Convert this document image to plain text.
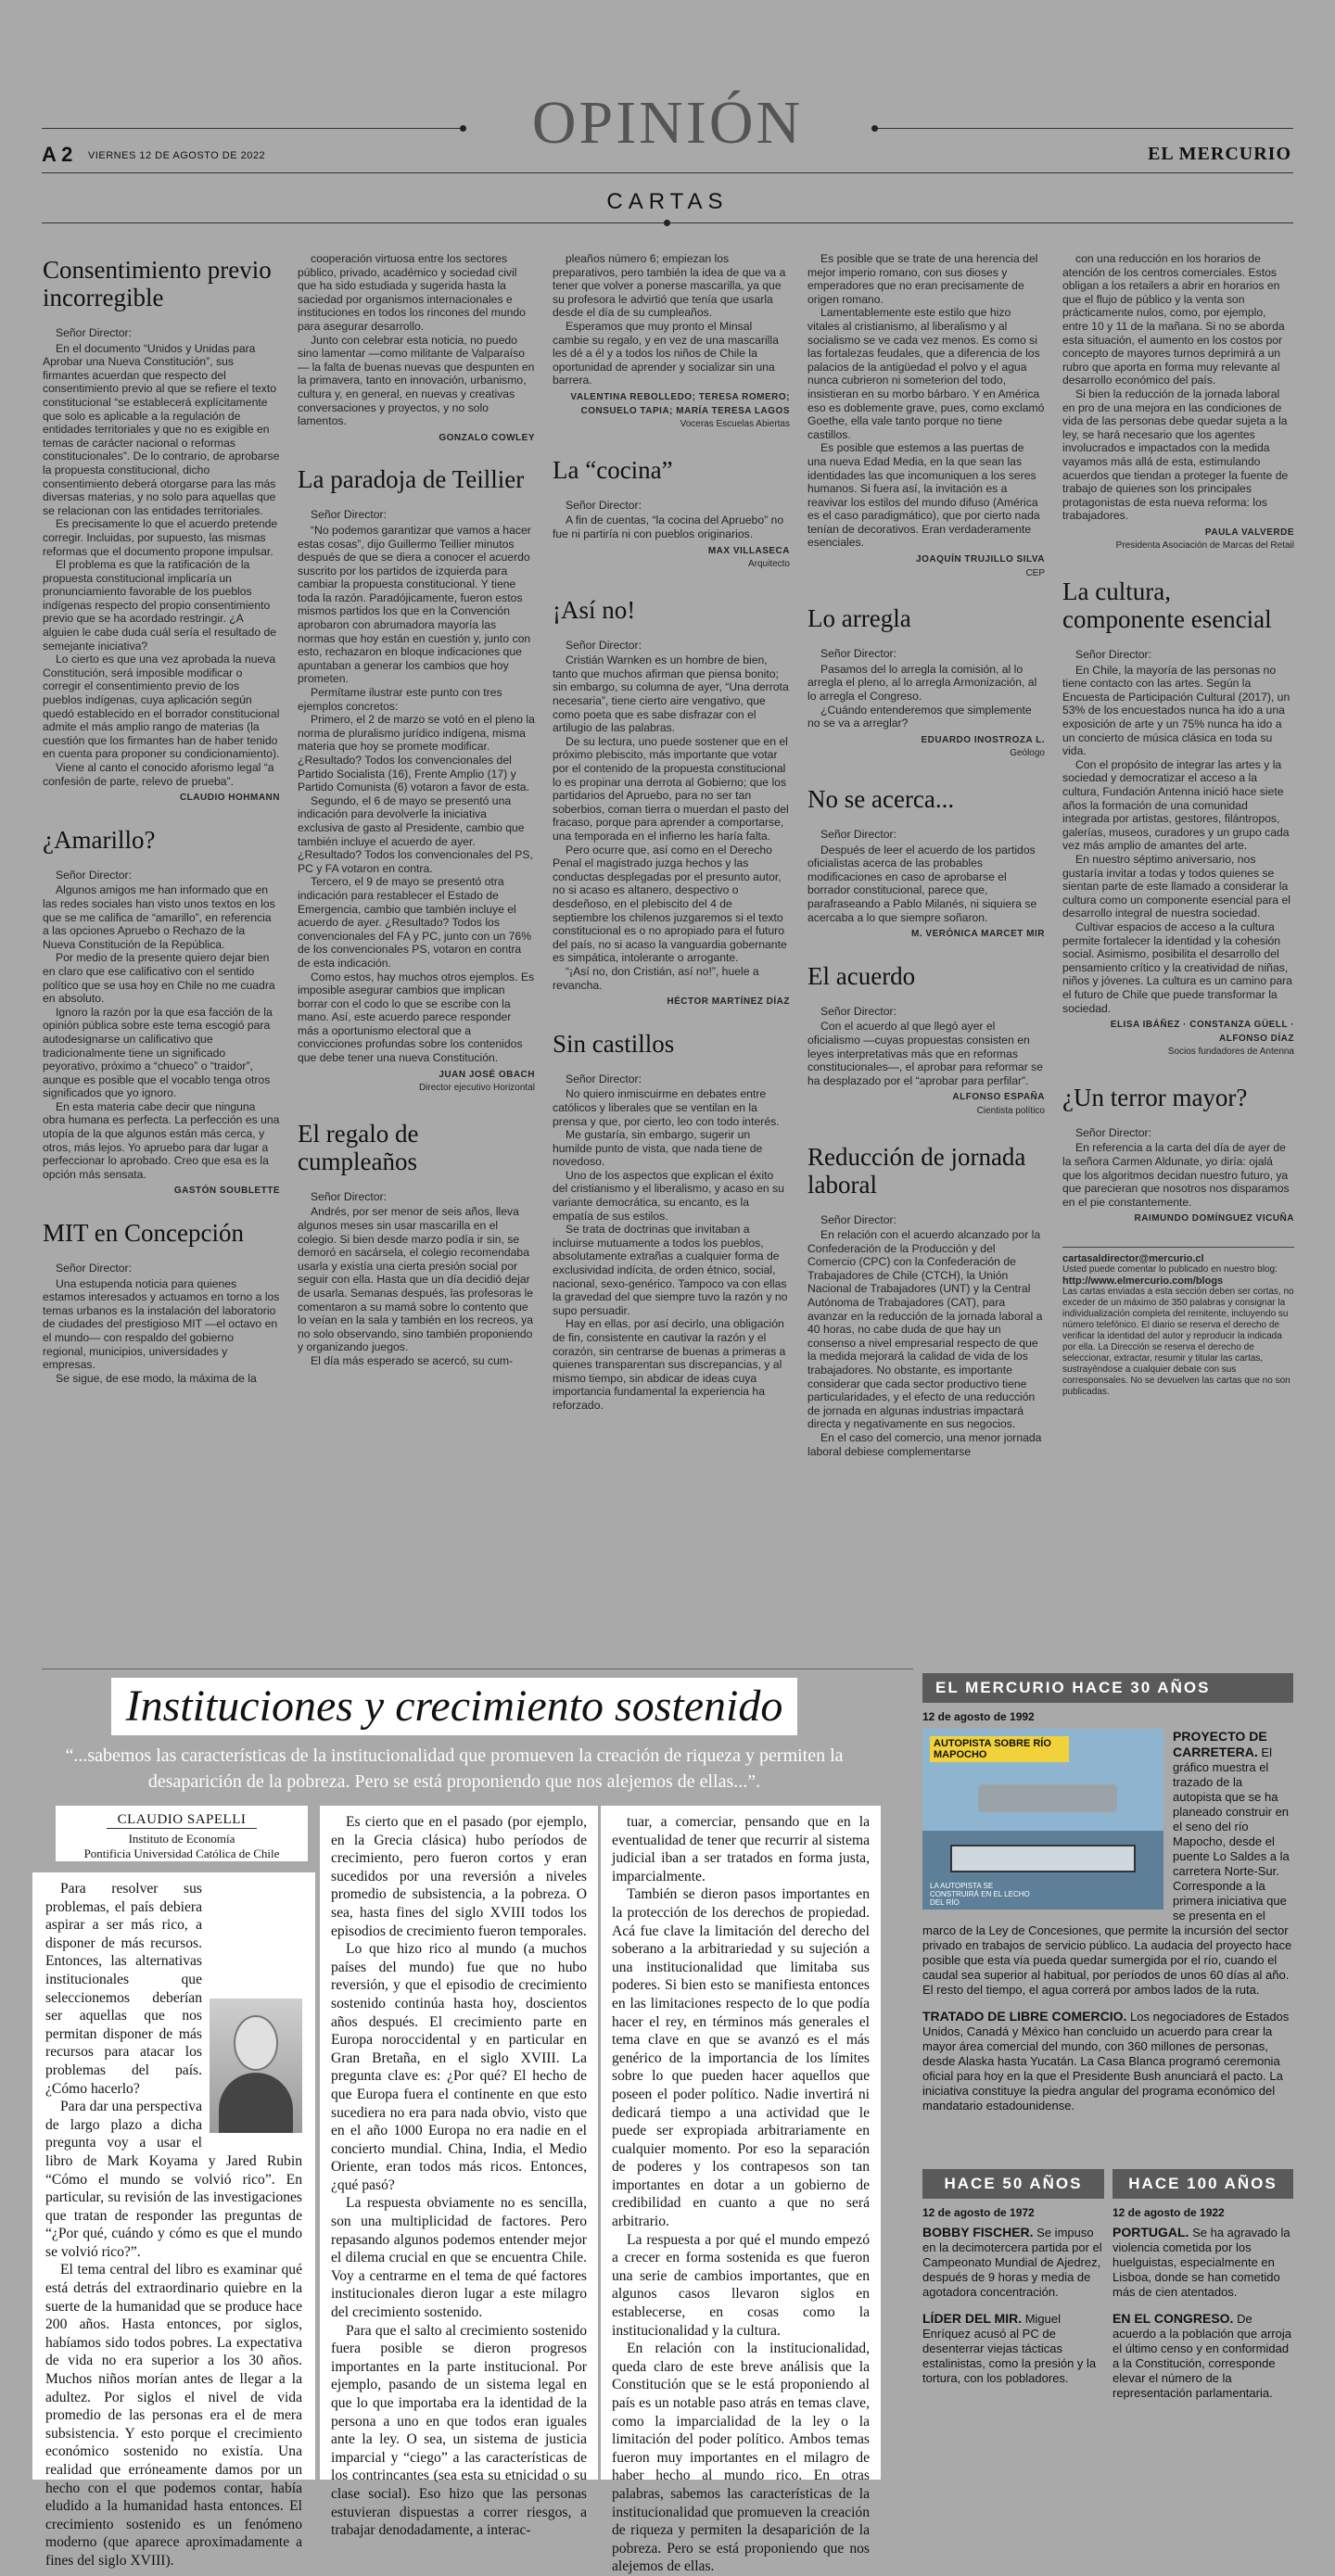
OPINIÓN
A 2 VIERNES 12 DE AGOSTO DE 2022	EL MERCURIO
CARTAS
Consentimiento previo incorregible
Señor Director:
En el documento “Unidos y Unidas para Aprobar una Nueva Constitución”, sus firmantes acuerdan que respecto del consentimiento previo al que se refiere el texto constitucional “se establecerá explícitamente que solo es aplicable a la regulación de entidades territoriales y que no es exigible en temas de carácter nacional o reformas constitucionales”. De lo contrario, de aprobarse la propuesta constitucional, dicho consentimiento deberá otorgarse para las más diversas materias, y no solo para aquellas que se relacionan con las entidades territoriales.
Es precisamente lo que el acuerdo pretende corregir. Incluidas, por supuesto, las mismas reformas que el documento propone impulsar.
El problema es que la ratificación de la propuesta constitucional implicaría un pronunciamiento favorable de los pueblos indígenas respecto del propio consentimiento previo que se ha acordado restringir. ¿A alguien le cabe duda cuál sería el resultado de semejante iniciativa?
Lo cierto es que una vez aprobada la nueva Constitución, será imposible modificar o corregir el consentimiento previo de los pueblos indígenas, cuya aplicación según quedó establecido en el borrador constitucional admite el más amplio rango de materias (la cuestión que los firmantes han de haber tenido en cuenta para proponer su condicionamiento).
Viene al canto el conocido aforismo legal “a confesión de parte, relevo de prueba”.
CLAUDIO HOHMANN
¿Amarillo?
Señor Director:
Algunos amigos me han informado que en las redes sociales han visto unos textos en los que se me califica de “amarillo”, en referencia a las opciones Apruebo o Rechazo de la Nueva Constitución de la República.
Por medio de la presente quiero dejar bien en claro que ese calificativo con el sentido político que se usa hoy en Chile no me cuadra en absoluto.
Ignoro la razón por la que esa facción de la opinión pública sobre este tema escogió para autodesignarse un calificativo que tradicionalmente tiene un significado peyorativo, próximo a “chueco” o “traidor”, aunque es posible que el vocablo tenga otros significados que yo ignoro.
En esta materia cabe decir que ninguna obra humana es perfecta. La perfección es una utopía de la que algunos están más cerca, y otros, más lejos. Yo apruebo para dar lugar a perfeccionar lo aprobado. Creo que esa es la opción más sensata.
GASTÓN SOUBLETTE
MIT en Concepción
Señor Director:
Una estupenda noticia para quienes estamos interesados y actuamos en torno a los temas urbanos es la instalación del laboratorio de ciudades del prestigioso MIT —el octavo en el mundo— con respaldo del gobierno regional, municipios, universidades y empresas.
Se sigue, de ese modo, la máxima de la
cooperación virtuosa entre los sectores público, privado, académico y sociedad civil que ha sido estudiada y sugerida hasta la saciedad por organismos internacionales e instituciones en todos los rincones del mundo para asegurar desarrollo.
Junto con celebrar esta noticia, no puedo sino lamentar —como militante de Valparaíso— la falta de buenas nuevas que despunten en la primavera, tanto en innovación, urbanismo, cultura y, en general, en nuevas y creativas conversaciones y proyectos, y no solo lamentos.
GONZALO COWLEY
La paradoja de Teillier
Señor Director:
“No podemos garantizar que vamos a hacer estas cosas”, dijo Guillermo Teillier minutos después de que se diera a conocer el acuerdo suscrito por los partidos de izquierda para cambiar la propuesta constitucional. Y tiene toda la razón. Paradójicamente, fueron estos mismos partidos los que en la Convención aprobaron con abrumadora mayoría las normas que hoy están en cuestión y, junto con esto, rechazaron en bloque indicaciones que apuntaban a generar los cambios que hoy prometen.
Permítame ilustrar este punto con tres ejemplos concretos:
Primero, el 2 de marzo se votó en el pleno la norma de pluralismo jurídico indígena, misma materia que hoy se promete modificar. ¿Resultado? Todos los convencionales del Partido Socialista (16), Frente Amplio (17) y Partido Comunista (6) votaron a favor de esta.
Segundo, el 6 de mayo se presentó una indicación para devolverle la iniciativa exclusiva de gasto al Presidente, cambio que también incluye el acuerdo de ayer. ¿Resultado? Todos los convencionales del PS, PC y FA votaron en contra.
Tercero, el 9 de mayo se presentó otra indicación para restablecer el Estado de Emergencia, cambio que también incluye el acuerdo de ayer. ¿Resultado? Todos los convencionales del FA y PC, junto con un 76% de los convencionales PS, votaron en contra de esta indicación.
Como estos, hay muchos otros ejemplos. Es imposible asegurar cambios que implican borrar con el codo lo que se escribe con la mano. Así, este acuerdo parece responder más a oportunismo electoral que a convicciones profundas sobre los contenidos que debe tener una nueva Constitución.
JUAN JOSÉ OBACH
Director ejecutivo Horizontal
El regalo de cumpleaños
Señor Director:
Andrés, por ser menor de seis años, lleva algunos meses sin usar mascarilla en el colegio. Si bien desde marzo podía ir sin, se demoró en sacársela, el colegio recomendaba usarla y existía una cierta presión social por seguir con ella. Hasta que un día decidió dejar de usarla. Semanas después, las profesoras le comentaron a su mamá sobre lo contento que lo veían en la sala y también en los recreos, ya no solo observando, sino también proponiendo y organizando juegos.
El día más esperado se acercó, su cum-
pleaños número 6; empiezan los preparativos, pero también la idea de que va a tener que volver a ponerse mascarilla, ya que su profesora le advirtió que tenía que usarla desde el día de su cumpleaños.
Esperamos que muy pronto el Minsal cambie su regalo, y en vez de una mascarilla les dé a él y a todos los niños de Chile la oportunidad de aprender y socializar sin una barrera.
VALENTINA REBOLLEDO; TERESA ROMERO; CONSUELO TAPIA; MARÍA TERESA LAGOS
Voceras Escuelas Abiertas
La “cocina”
Señor Director:
A fin de cuentas, “la cocina del Apruebo” no fue ni partiría ni con pueblos originarios.
MAX VILLASECA
Arquitecto
¡Así no!
Señor Director:
Cristián Warnken es un hombre de bien, tanto que muchos afirman que piensa bonito; sin embargo, su columna de ayer, “Una derrota necesaria”, tiene cierto aire vengativo, que como poeta que es sabe disfrazar con el artilugio de las palabras.
De su lectura, uno puede sostener que en el próximo plebiscito, más importante que votar por el contenido de la propuesta constitucional lo es propinar una derrota al Gobierno; que los partidarios del Apruebo, para no ser tan soberbios, coman tierra o muerdan el pasto del fracaso, porque para aprender a comportarse, una temporada en el infierno les haría falta.
Pero ocurre que, así como en el Derecho Penal el magistrado juzga hechos y las conductas desplegadas por el presunto autor, no si acaso es altanero, despectivo o desdeñoso, en el plebiscito del 4 de septiembre los chilenos juzgaremos si el texto constitucional es o no apropiado para el futuro del país, no si acaso la vanguardia gobernante es simpática, intolerante o arrogante.
“¡Así no, don Cristián, así no!”, huele a revancha.
HÉCTOR MARTÍNEZ DÍAZ
Sin castillos
Señor Director:
No quiero inmiscuirme en debates entre católicos y liberales que se ventilan en la prensa y que, por cierto, leo con todo interés.
Me gustaría, sin embargo, sugerir un humilde punto de vista, que nada tiene de novedoso.
Uno de los aspectos que explican el éxito del cristianismo y el liberalismo, y acaso en su variante democrática, su encanto, es la empatía de sus estilos.
Se trata de doctrinas que invitaban a incluirse mutuamente a todos los pueblos, absolutamente extrañas a cualquier forma de exclusividad indícita, de orden étnico, social, nacional, sexo-genérico. Tampoco va con ellas la gravedad del que siempre tuvo la razón y no supo persuadir.
Hay en ellas, por así decirlo, una obligación de fin, consistente en cautivar la razón y el corazón, sin centrarse de buenas a primeras a quienes transparentan sus discrepancias, y al mismo tiempo, sin abdicar de ideas cuya importancia fundamental la experiencia ha reforzado.
Es posible que se trate de una herencia del mejor imperio romano, con sus dioses y emperadores que no eran precisamente de origen romano.
Lamentablemente este estilo que hizo vitales al cristianismo, al liberalismo y al socialismo se ve cada vez menos. Es como si las fortalezas feudales, que a diferencia de los palacios de la antigüedad el polvo y el agua nunca cubrieron ni someterion del todo, insistieran en su morbo bárbaro. Y en América eso es doblemente grave, pues, como exclamó Goethe, ella vale tanto porque no tiene castillos.
Es posible que estemos a las puertas de una nueva Edad Media, en la que sean las identidades las que incomuniquen a los seres humanos. Si fuera así, la invitación es a reavivar los estilos del mundo difuso (América es el caso paradigmático), que por cierto nada tenían de decorativos. Eran verdaderamente esenciales.
JOAQUÍN TRUJILLO SILVA
CEP
Lo arregla
Señor Director:
Pasamos del lo arregla la comisión, al lo arregla el pleno, al lo arregla Armonización, al lo arregla el Congreso.
¿Cuándo entenderemos que simplemente no se va a arreglar?
EDUARDO INOSTROZA L.
Geólogo
No se acerca...
Señor Director:
Después de leer el acuerdo de los partidos oficialistas acerca de las probables modificaciones en caso de aprobarse el borrador constitucional, parece que, parafraseando a Pablo Milanés, ni siquiera se acercaba a lo que siempre soñaron.
M. VERÓNICA MARCET MIR
El acuerdo
Señor Director:
Con el acuerdo al que llegó ayer el oficialismo —cuyas propuestas consisten en leyes interpretativas más que en reformas constitucionales—, el aprobar para reformar se ha desplazado por el “aprobar para perfilar”.
ALFONSO ESPAÑA
Cientista político
Reducción de jornada laboral
Señor Director:
En relación con el acuerdo alcanzado por la Confederación de la Producción y del Comercio (CPC) con la Confederación de Trabajadores de Chile (CTCH), la Unión Nacional de Trabajadores (UNT) y la Central Autónoma de Trabajadores (CAT), para avanzar en la reducción de la jornada laboral a 40 horas, no cabe duda de que hay un consenso a nivel empresarial respecto de que la medida mejorará la calidad de vida de los trabajadores. No obstante, es importante considerar que cada sector productivo tiene particularidades, y el efecto de una reducción de jornada en algunas industrias impactará directa y negativamente en sus negocios.
En el caso del comercio, una menor jornada laboral debiese complementarse
con una reducción en los horarios de atención de los centros comerciales. Estos obligan a los retailers a abrir en horarios en que el flujo de público y la venta son prácticamente nulos, como, por ejemplo, entre 10 y 11 de la mañana. Si no se aborda esta situación, el aumento en los costos por concepto de mayores turnos deprimirá a un rubro que aporta en forma muy relevante al desarrollo económico del país.
Si bien la reducción de la jornada laboral en pro de una mejora en las condiciones de vida de las personas debe quedar sujeta a la ley, se hará necesario que los agentes involucrados e impactados con la medida vayamos más allá de esta, estimulando acuerdos que tiendan a proteger la fuente de trabajo de quienes son los principales protagonistas de esta nueva reforma: los trabajadores.
PAULA VALVERDE
Presidenta Asociación de Marcas del Retail
La cultura, componente esencial
Señor Director:
En Chile, la mayoría de las personas no tiene contacto con las artes. Según la Encuesta de Participación Cultural (2017), un 53% de los encuestados nunca ha ido a una exposición de arte y un 75% nunca ha ido a un concierto de música clásica en toda su vida.
Con el propósito de integrar las artes y la sociedad y democratizar el acceso a la cultura, Fundación Antenna inició hace siete años la formación de una comunidad integrada por artistas, gestores, filántropos, galerías, museos, curadores y un grupo cada vez más amplio de amantes del arte.
En nuestro séptimo aniversario, nos gustaría invitar a todas y todos quienes se sientan parte de este llamado a considerar la cultura como un componente esencial para el desarrollo integral de nuestra sociedad.
Cultivar espacios de acceso a la cultura permite fortalecer la identidad y la cohesión social. Asimismo, posibilita el desarrollo del pensamiento crítico y la creatividad de niñas, niños y jóvenes. La cultura es un camino para el futuro de Chile que puede transformar la sociedad.
ELISA IBÁÑEZ · CONSTANZA GÜELL · ALFONSO DÍAZ
Socios fundadores de Antenna
¿Un terror mayor?
Señor Director:
En referencia a la carta del día de ayer de la señora Carmen Aldunate, yo diría: ojalá que los algoritmos decidan nuestro futuro, ya que parecieran que nosotros nos disparamos en el pie constantemente.
RAIMUNDO DOMÍNGUEZ VICUÑA
cartasaldirector@mercurio.cl
Usted puede comentar lo publicado en nuestro blog:
http://www.elmercurio.com/blogs
Las cartas enviadas a esta sección deben ser cortas, no exceder de un máximo de 350 palabras y consignar la individualización completa del remitente, incluyendo su número telefónico. El diario se reserva el derecho de verificar la identidad del autor y reproducir la indicada por ella. La Dirección se reserva el derecho de seleccionar, extractar, resumir y titular las cartas, sustrayéndose a cualquier debate con sus corresponsales. No se devuelven las cartas que no son publicadas.
Instituciones y crecimiento sostenido
“...sabemos las características de la institucionalidad que promueven la creación de riqueza y permiten la desaparición de la pobreza. Pero se está proponiendo que nos alejemos de ellas...”.
CLAUDIO SAPELLI
Instituto de Economía
Pontificia Universidad Católica de Chile

Para resolver sus problemas, el país debiera aspirar a ser más rico, a disponer de más recursos. Entonces, las alternativas institucionales que seleccionemos deberían ser aquellas que nos permitan disponer de más recursos para atacar los problemas del país. ¿Cómo hacerlo?

Para dar una perspectiva de largo plazo a dicha pregunta voy a usar el libro de Mark Koyama y Jared Rubin “Cómo el mundo se volvió rico”. En particular, su revisión de las investigaciones que tratan de responder las preguntas de “¿Por qué, cuándo y cómo es que el mundo se volvió rico?”.

El tema central del libro es examinar qué está detrás del extraordinario quiebre en la suerte de la humanidad que se produce hace 200 años. Hasta entonces, por siglos, habíamos sido todos pobres. La expectativa de vida no era superior a los 30 años. Muchos niños morían antes de llegar a la adultez. Por siglos el nivel de vida promedio de las personas era el de mera subsistencia. Y esto porque el crecimiento económico sostenido no existía. Una realidad que erróneamente damos por un hecho con el que podemos contar, había eludido a la humanidad hasta entonces. El crecimiento sostenido es un fenómeno moderno (que aparece aproximadamente a fines del siglo XVIII).

Es cierto que en el pasado (por ejemplo, en la Grecia clásica) hubo períodos de crecimiento, pero fueron cortos y eran sucedidos por una reversión a niveles promedio de subsistencia, a la pobreza. O sea, hasta fines del siglo XVIII todos los episodios de crecimiento fueron temporales.

Lo que hizo rico al mundo (a muchos países del mundo) fue que no hubo reversión, y que el episodio de crecimiento sostenido continúa hasta hoy, doscientos años después. El crecimiento parte en Europa noroccidental y en particular en Gran Bretaña, en el siglo XVIII. La pregunta clave es: ¿Por qué? El hecho de que Europa fuera el continente en que esto sucediera no era para nada obvio, visto que en el año 1000 Europa no era nadie en el concierto mundial. China, India, el Medio Oriente, eran todos más ricos. Entonces, ¿qué pasó?

La respuesta obviamente no es sencilla, son una multiplicidad de factores. Pero repasando algunos podemos entender mejor el dilema crucial en que se encuentra Chile. Voy a centrarme en el tema de qué factores institucionales dieron lugar a este milagro del crecimiento sostenido.

Para que el salto al crecimiento sostenido fuera posible se dieron progresos importantes en la parte institucional. Por ejemplo, pasando de un sistema legal en que lo que importaba era la identidad de la persona a uno en que todos eran iguales ante la ley. O sea, un sistema de justicia imparcial y “ciego” a las características de los contrincantes (sea esta su etnicidad o su clase social). Eso hizo que las personas estuvieran dispuestas a correr riesgos, a trabajar denodadamente, a interac-

tuar, a comerciar, pensando que en la eventualidad de tener que recurrir al sistema judicial iban a ser tratados en forma justa, imparcialmente.

También se dieron pasos importantes en la protección de los derechos de propiedad. Acá fue clave la limitación del derecho del soberano a la arbitrariedad y su sujeción a una institucionalidad que limitaba sus poderes. Si bien esto se manifiesta entonces en las limitaciones respecto de lo que podía hacer el rey, en términos más generales el tema clave en que se avanzó es el más genérico de la importancia de los límites sobre lo que pueden hacer aquellos que poseen el poder político. Nadie invertirá ni dedicará tiempo a una actividad que le puede ser expropiada arbitrariamente en cualquier momento. Por eso la separación de poderes y los contrapesos son tan importantes en dotar a un gobierno de credibilidad en cuanto a que no será arbitrario.

La respuesta a por qué el mundo empezó a crecer en forma sostenida es que fueron una serie de cambios importantes, que en algunos casos llevaron siglos en establecerse, en cosas como la institucionalidad y la cultura.

En relación con la institucionalidad, queda claro de este breve análisis que la Constitución que se le está proponiendo al país es un notable paso atrás en temas clave, como la imparcialidad de la ley o la limitación del poder político. Ambos temas fueron muy importantes en el milagro de haber hecho al mundo rico. En otras palabras, sabemos las características de la institucionalidad que promueven la creación de riqueza y permiten la desaparición de la pobreza. Pero se está proponiendo que nos alejemos de ellas.

EL MERCURIO HACE 30 AÑOS
12 de agosto de 1992
AUTOPISTA SOBRE RÍO MAPOCHO
LA AUTOPISTA SE CONSTRUIRÁ EN EL LECHO DEL RÍO
PROYECTO DE CARRETERA. El gráfico muestra el trazado de la autopista que se ha planeado construir en el seno del río Mapocho, desde el puente Lo Saldes a la carretera Norte-Sur. Corresponde a la primera iniciativa que se presenta en el marco de la Ley de Concesiones, que permite la incursión del sector privado en trabajos de servicio público. La audacia del proyecto hace posible que esta vía pueda quedar sumergida por el río, cuando el caudal sea superior al habitual, por períodos de unos 60 días al año. El resto del tiempo, el agua correrá por ambos lados de la ruta.
TRATADO DE LIBRE COMERCIO. Los negociadores de Estados Unidos, Canadá y México han concluido un acuerdo para crear la mayor área comercial del mundo, con 360 millones de personas, desde Alaska hasta Yucatán. La Casa Blanca programó ceremonia oficial para hoy en la que el Presidente Bush anunciará el pacto. La iniciativa constituye la piedra angular del programa económico del mandatario estadounidense.
HACE 50 AÑOS
12 de agosto de 1972
BOBBY FISCHER. Se impuso en la decimotercera partida por el Campeonato Mundial de Ajedrez, después de 9 horas y media de agotadora concentración.
LÍDER DEL MIR. Miguel Enríquez acusó al PC de desenterrar viejas tácticas estalinistas, como la presión y la tortura, con los pobladores.
HACE 100 AÑOS
12 de agosto de 1922
PORTUGAL. Se ha agravado la violencia cometida por los huelguistas, especialmente en Lisboa, donde se han cometido más de cien atentados.
EN EL CONGRESO. De acuerdo a la población que arroja el último censo y en conformidad a la Constitución, corresponde elevar el número de la representación parlamentaria.
